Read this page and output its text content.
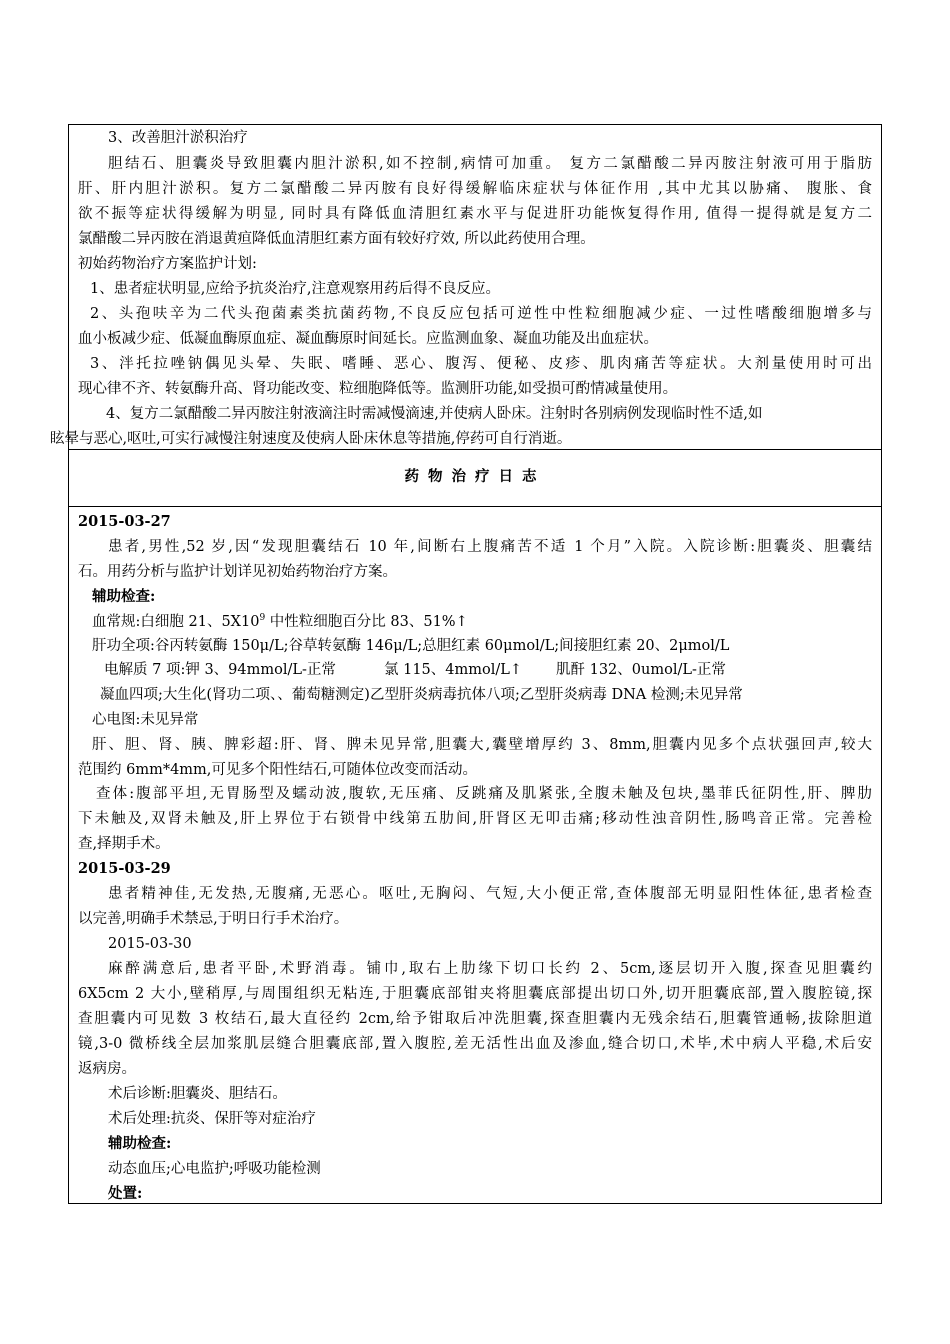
3、改善胆汁淤积治疗
胆结石、胆囊炎导致胆囊内胆汁淤积,如不控制,病情可加重。 复方二氯醋酸二异丙胺注射液可用于脂肪
肝、肝内胆汁淤积。复方二氯醋酸二异丙胺有良好得缓解临床症状与体征作用 ,其中尤其以胁痛、 腹胀、食
欲不振等症状得缓解为明显, 同时具有降低血清胆红素水平与促进肝功能恢复得作用, 值得一提得就是复方二
氯醋酸二异丙胺在消退黄疸降低血清胆红素方面有较好疗效, 所以此药使用合理。
初始药物治疗方案监护计划:
1、患者症状明显,应给予抗炎治疗,注意观察用药后得不良反应。
2、头孢呋辛为二代头孢菌素类抗菌药物,不良反应包括可逆性中性粒细胞减少症、一过性嗜酸细胞增多与
血小板减少症、低凝血酶原血症、凝血酶原时间延长。应监测血象、凝血功能及出血症状。
3、泮托拉唑钠偶见头晕、失眠、嗜睡、恶心、腹泻、便秘、皮疹、肌肉痛苦等症状。大剂量使用时可出
现心律不齐、转氨酶升高、肾功能改变、粒细胞降低等。监测肝功能,如受损可酌情减量使用。
4、复方二氯醋酸二异丙胺注射液滴注时需减慢滴速,并使病人卧床。注射时各别病例发现临时性不适,如
眩晕与恶心,呕吐,可实行减慢注射速度及使病人卧床休息等措施,停药可自行消逝。
药物治疗日志
2015-03-27
患者,男性,52 岁,因“发现胆囊结石 10 年,间断右上腹痛苦不适 1 个月”入院。入院诊断:胆囊炎、胆囊结
石。用药分析与监护计划详见初始药物治疗方案。
辅助检查:
血常规:白细胞 21、$5X10^9$ 中性粒细胞百分比 83、51%↑
肝功全项:谷丙转氨酶 150μ/L;谷草转氨酶 146μ/L;总胆红素 60μmol/L;间接胆红素 20、2μmol/L
电解质 7 项:钾 3、94mmol/L-正常	氯 115、4mmol/L↑ 肌酐 132、0umol/L-正常
凝血四项;大生化(肾功二项、、葡萄糖测定)乙型肝炎病毒抗体八项;乙型肝炎病毒 DNA 检测;未见异常
心电图:未见异常
肝、胆、肾、胰、脾彩超:肝、肾、脾未见异常,胆囊大,囊壁增厚约 3、8mm,胆囊内见多个点状强回声,较大
范围约 6mm*4mm,可见多个阳性结石,可随体位改变而活动。
查体:腹部平坦,无胃肠型及蠕动波,腹软,无压痛、反跳痛及肌紧张,全腹未触及包块,墨菲氏征阴性,肝、脾肋
下未触及,双肾未触及,肝上界位于右锁骨中线第五肋间,肝肾区无叩击痛;移动性浊音阴性,肠鸣音正常。完善检
查,择期手术。
2015-03-29
患者精神佳,无发热,无腹痛,无恶心。呕吐,无胸闷、气短,大小便正常,查体腹部无明显阳性体征,患者检查
以完善,明确手术禁忌,于明日行手术治疗。
2015-03-30
麻醉满意后,患者平卧,术野消毒。铺巾,取右上肋缘下切口长约 2、5cm,逐层切开入腹,探查见胆囊约
6X5cm 2 大小,壁稍厚,与周围组织无粘连,于胆囊底部钳夹将胆囊底部提出切口外,切开胆囊底部,置入腹腔镜,探
查胆囊内可见数 3 枚结石,最大直径约 2cm,给予钳取后冲洗胆囊,探查胆囊内无残余结石,胆囊管通畅,拔除胆道
镜,3-0 微桥线全层加浆肌层缝合胆囊底部,置入腹腔,差无活性出血及渗血,缝合切口,术毕,术中病人平稳,术后安
返病房。
术后诊断:胆囊炎、胆结石。
术后处理:抗炎、保肝等对症治疗
辅助检查:
动态血压;心电监护;呼吸功能检测
处置:
